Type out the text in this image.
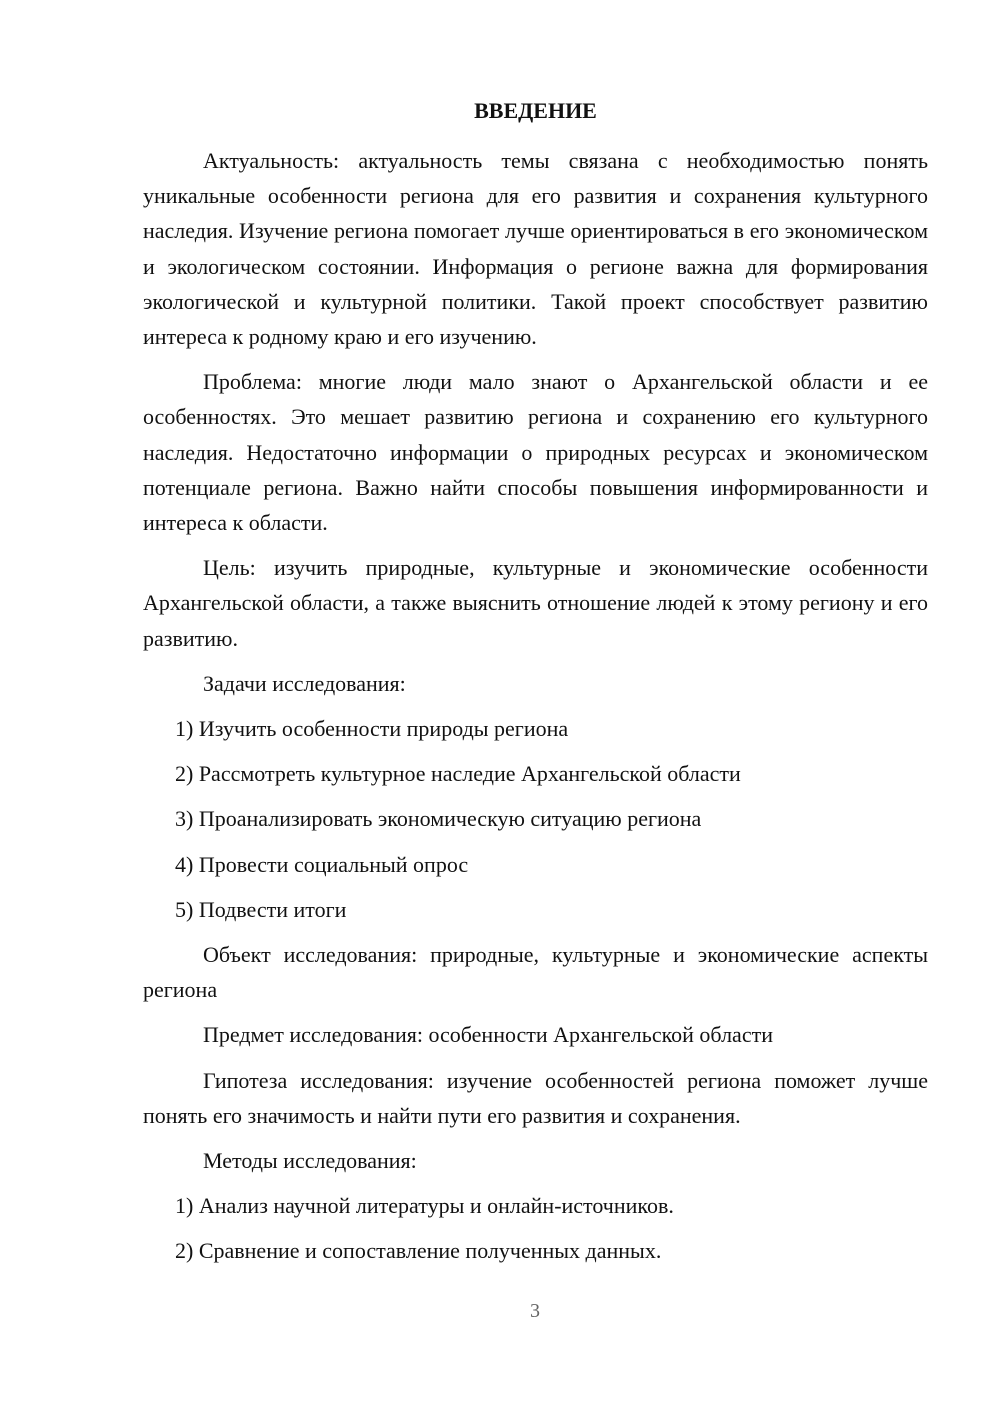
ВВЕДЕНИЕ

Актуальность: актуальность темы связана с необходимостью понять уникальные особенности региона для его развития и сохранения культурного наследия. Изучение региона помогает лучше ориентироваться в его экономическом и экологическом состоянии. Информация о регионе важна для формирования экологической и культурной политики. Такой проект способствует развитию интереса к родному краю и его изучению.

Проблема: многие люди мало знают о Архангельской области и ее особенностях. Это мешает развитию региона и сохранению его культурного наследия. Недостаточно информации о природных ресурсах и экономическом потенциале региона. Важно найти способы повышения информированности и интереса к области.

Цель: изучить природные, культурные и экономические особенности Архангельской области, а также выяснить отношение людей к этому региону и его развитию.

Задачи исследования:
1) Изучить особенности природы региона
2) Рассмотреть культурное наследие Архангельской области
3) Проанализировать экономическую ситуацию региона
4) Провести социальный опрос
5) Подвести итоги

Объект исследования: природные, культурные и экономические аспекты региона

Предмет исследования: особенности Архангельской области

Гипотеза исследования: изучение особенностей региона поможет лучше понять его значимость и найти пути его развития и сохранения.

Методы исследования:
1) Анализ научной литературы и онлайн-источников.
2) Сравнение и сопоставление полученных данных.
3
